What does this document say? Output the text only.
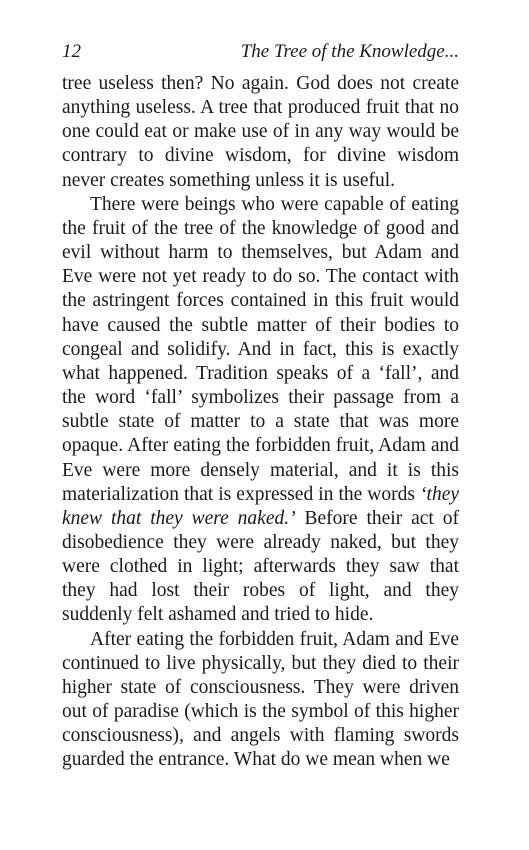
12	The Tree of the Knowledge...

tree useless then? No again. God does not create anything useless. A tree that produced fruit that no one could eat or make use of in any way would be contrary to divine wisdom, for divine wisdom never creates something unless it is useful.

There were beings who were capable of eating the fruit of the tree of the knowledge of good and evil without harm to themselves, but Adam and Eve were not yet ready to do so. The contact with the astringent forces contained in this fruit would have caused the subtle matter of their bodies to congeal and solidify. And in fact, this is exactly what happened. Tradition speaks of a ‘fall’, and the word ‘fall’ symbolizes their passage from a subtle state of matter to a state that was more opaque. After eating the forbidden fruit, Adam and Eve were more densely material, and it is this materialization that is expressed in the words ‘they knew that they were naked.’ Before their act of disobedience they were already naked, but they were clothed in light; afterwards they saw that they had lost their robes of light, and they suddenly felt ashamed and tried to hide.

After eating the forbidden fruit, Adam and Eve continued to live physically, but they died to their higher state of consciousness. They were driven out of paradise (which is the symbol of this higher consciousness), and angels with flaming swords guarded the entrance. What do we mean when we
